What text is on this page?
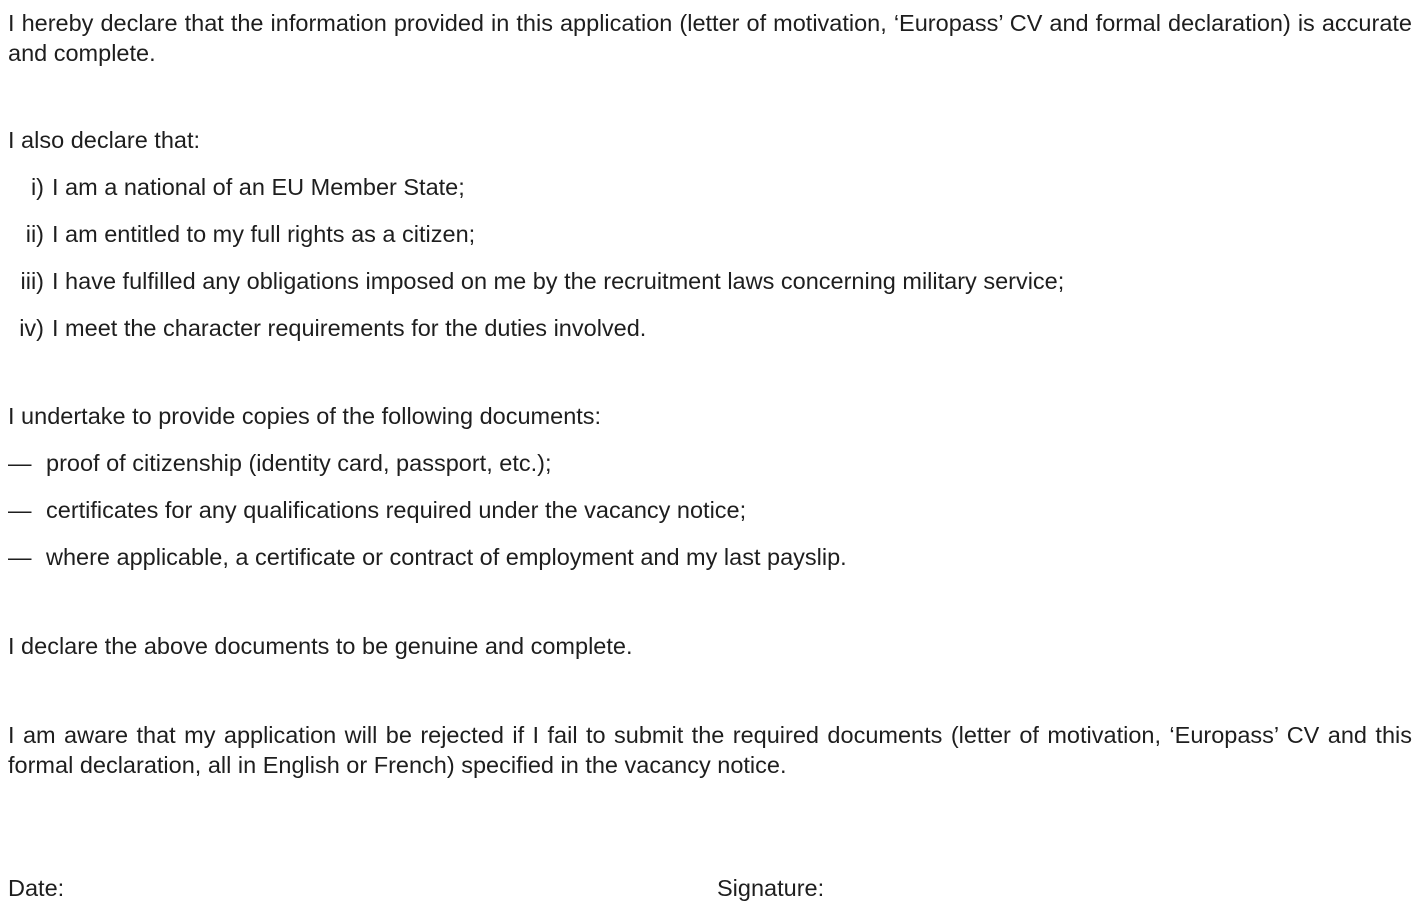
I hereby declare that the information provided in this application (letter of motivation, ‘Europass’ CV and formal declaration) is accurate and complete.

I also declare that:
i) I am a national of an EU Member State;
ii) I am entitled to my full rights as a citizen;
iii) I have fulfilled any obligations imposed on me by the recruitment laws concerning military service;
iv) I meet the character requirements for the duties involved.
I undertake to provide copies of the following documents:
— proof of citizenship (identity card, passport, etc.);
— certificates for any qualifications required under the vacancy notice;
— where applicable, a certificate or contract of employment and my last payslip.
I declare the above documents to be genuine and complete.

I am aware that my application will be rejected if I fail to submit the required documents (letter of motivation, ‘Europass’ CV and this formal declaration, all in English or French) specified in the vacancy notice.

Date:	Signature:
